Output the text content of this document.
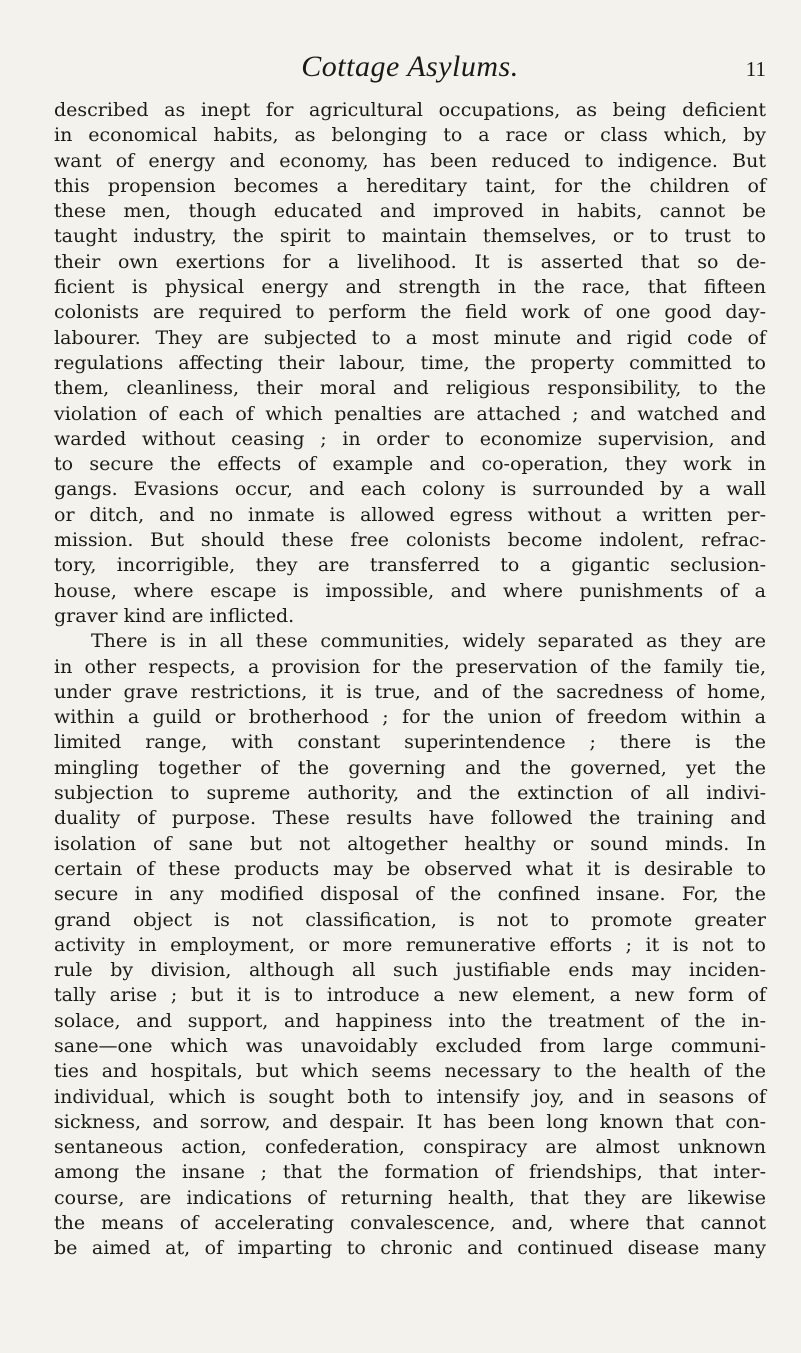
Cottage Asylums.	11
described as inept for agricultural occupations, as being deficient
in economical habits, as belonging to a race or class which, by
want of energy and economy, has been reduced to indigence. But
this propension becomes a hereditary taint, for the children of
these men, though educated and improved in habits, cannot be
taught industry, the spirit to maintain themselves, or to trust to
their own exertions for a livelihood. It is asserted that so de-
ficient is physical energy and strength in the race, that fifteen
colonists are required to perform the field work of one good day-
labourer. They are subjected to a most minute and rigid code of
regulations affecting their labour, time, the property committed to
them, cleanliness, their moral and religious responsibility, to the
violation of each of which penalties are attached ; and watched and
warded without ceasing ; in order to economize supervision, and
to secure the effects of example and co-operation, they work in
gangs. Evasions occur, and each colony is surrounded by a wall
or ditch, and no inmate is allowed egress without a written per-
mission. But should these free colonists become indolent, refrac-
tory, incorrigible, they are transferred to a gigantic seclusion-
house, where escape is impossible, and where punishments of a
graver kind are inflicted.
There is in all these communities, widely separated as they are
in other respects, a provision for the preservation of the family tie,
under grave restrictions, it is true, and of the sacredness of home,
within a guild or brotherhood ; for the union of freedom within a
limited range, with constant superintendence ; there is the
mingling together of the governing and the governed, yet the
subjection to supreme authority, and the extinction of all indivi-
duality of purpose. These results have followed the training and
isolation of sane but not altogether healthy or sound minds. In
certain of these products may be observed what it is desirable to
secure in any modified disposal of the confined insane. For, the
grand object is not classification, is not to promote greater
activity in employment, or more remunerative efforts ; it is not to
rule by division, although all such justifiable ends may inciden-
tally arise ; but it is to introduce a new element, a new form of
solace, and support, and happiness into the treatment of the in-
sane—one which was unavoidably excluded from large communi-
ties and hospitals, but which seems necessary to the health of the
individual, which is sought both to intensify joy, and in seasons of
sickness, and sorrow, and despair. It has been long known that con-
sentaneous action, confederation, conspiracy are almost unknown
among the insane ; that the formation of friendships, that inter-
course, are indications of returning health, that they are likewise
the means of accelerating convalescence, and, where that cannot
be aimed at, of imparting to chronic and continued disease many
